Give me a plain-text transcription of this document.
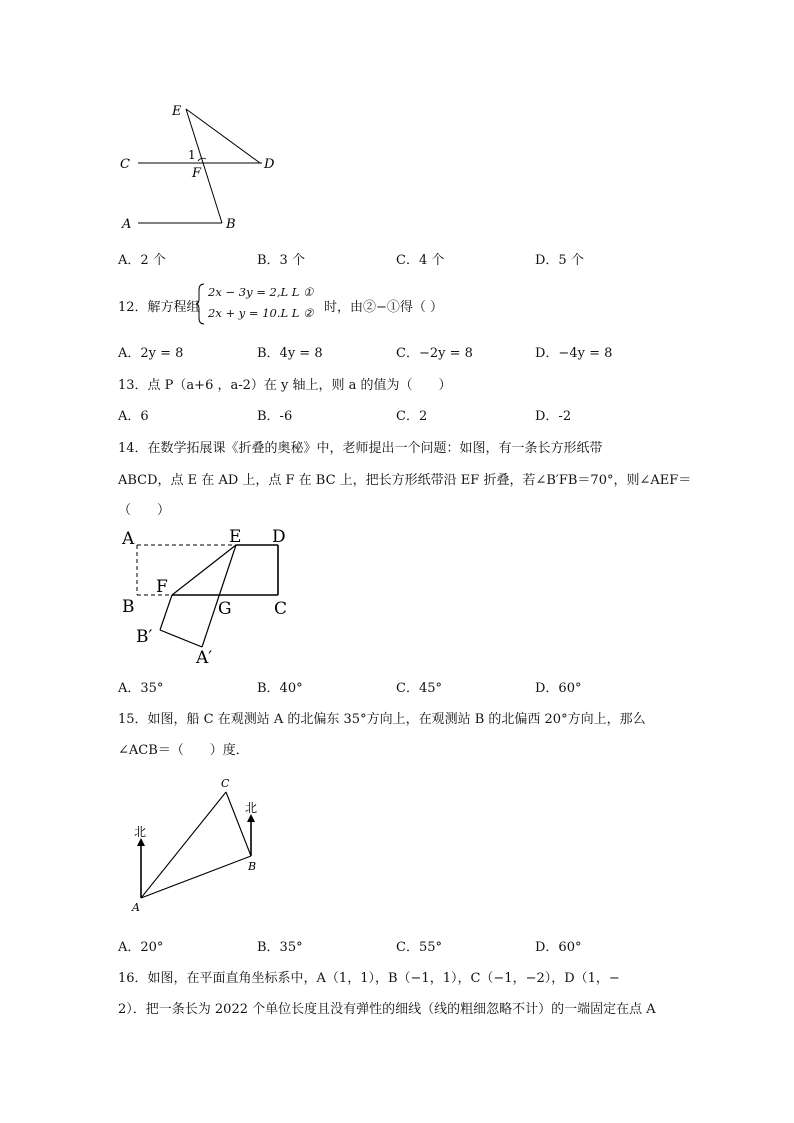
E
1
C
F
D
A	B
A．2 个	B．3 个	C．4 个	D．5 个
12．解方程组
2x − 3y = 2,L L ①
2x + y = 10.L L ② 时，由②−①得（ ）
A．2y = 8	B．4y = 8	C．−2y = 8	D．−4y = 8
13．点 P（a+6 ，a-2）在 y 轴上，则 a 的值为（　　）
A．6	B．-6	C．2	D．-2
14．在数学拓展课《折叠的奥秘》中，老师提出一个问题：如图，有一条长方形纸带
ABCD，点 E 在 AD 上，点 F 在 BC 上，把长方形纸带沿 EF 折叠，若∠B′FB＝70°，则∠AEF＝
（　　）
A	E D
F
B	G C
B′
A′
A．35°	B．40°	C．45°	D．60°
15．如图，船 C 在观测站 A 的北偏东 35°方向上，在观测站 B 的北偏西 20°方向上，那么
∠ACB＝（　　）度．
C
北
北
A
B
A．20°	B．35°	C．55°	D．60°
16．如图，在平面直角坐标系中，A（1，1），B（−1，1），C（−1，−2），D（1，−
2）．把一条长为 2022 个单位长度且没有弹性的细线（线的粗细忽略不计）的一端固定在点 A
